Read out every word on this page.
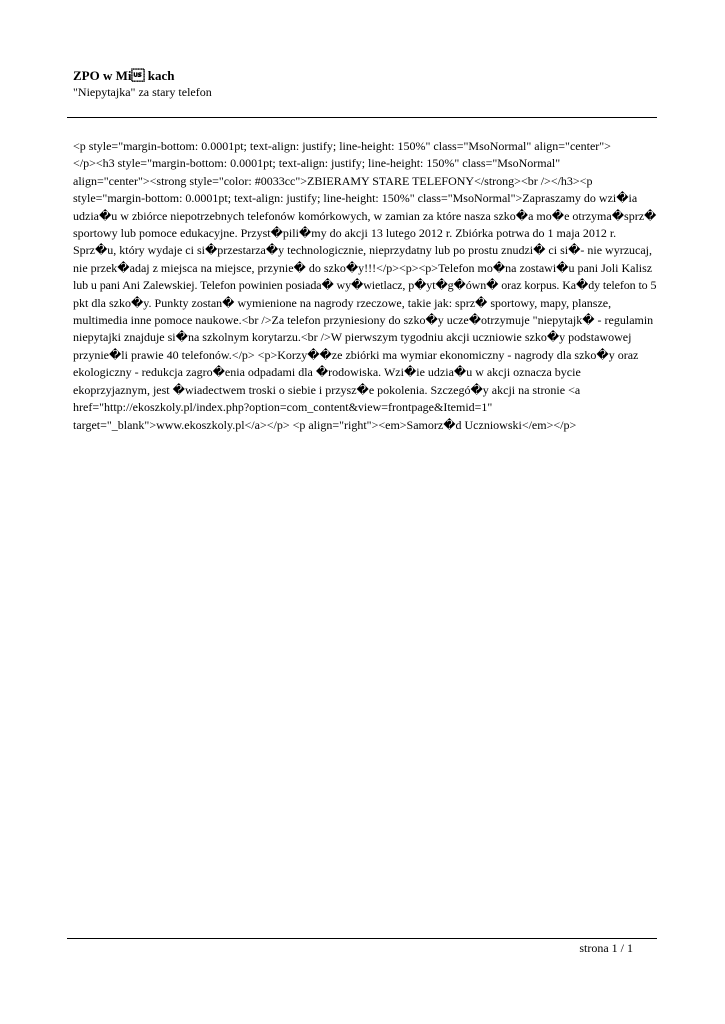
ZPO w Mi kach

"Niepytajka" za stary telefon

<p style="margin-bottom: 0.0001pt; text-align: justify; line-height: 150%" class="MsoNormal" align="center">
</p><h3 style="margin-bottom: 0.0001pt; text-align: justify; line-height: 150%" class="MsoNormal"
align="center"><strong style="color: #0033cc">ZBIERAMY STARE TELEFONY</strong><br /></h3><p
style="margin-bottom: 0.0001pt; text-align: justify; line-height: 150%" class="MsoNormal">Zapraszamy do wzi�ia
udzia�u w zbiórce niepotrzebnych telefonów komórkowych, w zamian za które nasza szko�a mo�e otrzyma�sprz�
sportowy lub pomoce edukacyjne. Przyst�pili�my do akcji 13 lutego 2012 r. Zbiórka potrwa do 1 maja 2012 r.
Sprz�u, który wydaje ci si�przestarza�y technologicznie, nieprzydatny lub po prostu znudzi� ci si�- nie wyrzucaj,
nie przek�adaj z miejsca na miejsce, przynie� do szko�y!!!</p><p><p>Telefon mo�na zostawi�u pani Joli Kalisz
lub u pani Ani Zalewskiej. Telefon powinien posiada� wy�wietlacz, p�yt�g�ówn� oraz korpus. Ka�dy telefon to 5
pkt dla szko�y. Punkty zostan� wymienione na nagrody rzeczowe, takie jak: sprz� sportowy, mapy, plansze,
multimedia inne pomoce naukowe.<br />Za telefon przyniesiony do szko�y ucze�otrzymuje "niepytajk� - regulamin
niepytajki znajduje si�na szkolnym korytarzu.<br />W pierwszym tygodniu akcji uczniowie szko�y podstawowej
przynie�li prawie 40 telefonów.</p> <p>Korzy��ze zbiórki ma wymiar ekonomiczny - nagrody dla szko�y oraz
ekologiczny - redukcja zagro�enia odpadami dla �rodowiska. Wzi�ie udzia�u w akcji oznacza bycie
ekoprzyjaznym, jest �wiadectwem troski o siebie i przysz�e pokolenia. Szczegó�y akcji na stronie <a
href="http://ekoszkoly.pl/index.php?option=com_content&view=frontpage&Itemid=1"
target="_blank">www.ekoszkoly.pl</a></p> <p align="right"><em>Samorz�d Uczniowski</em></p>
strona 1 / 1
